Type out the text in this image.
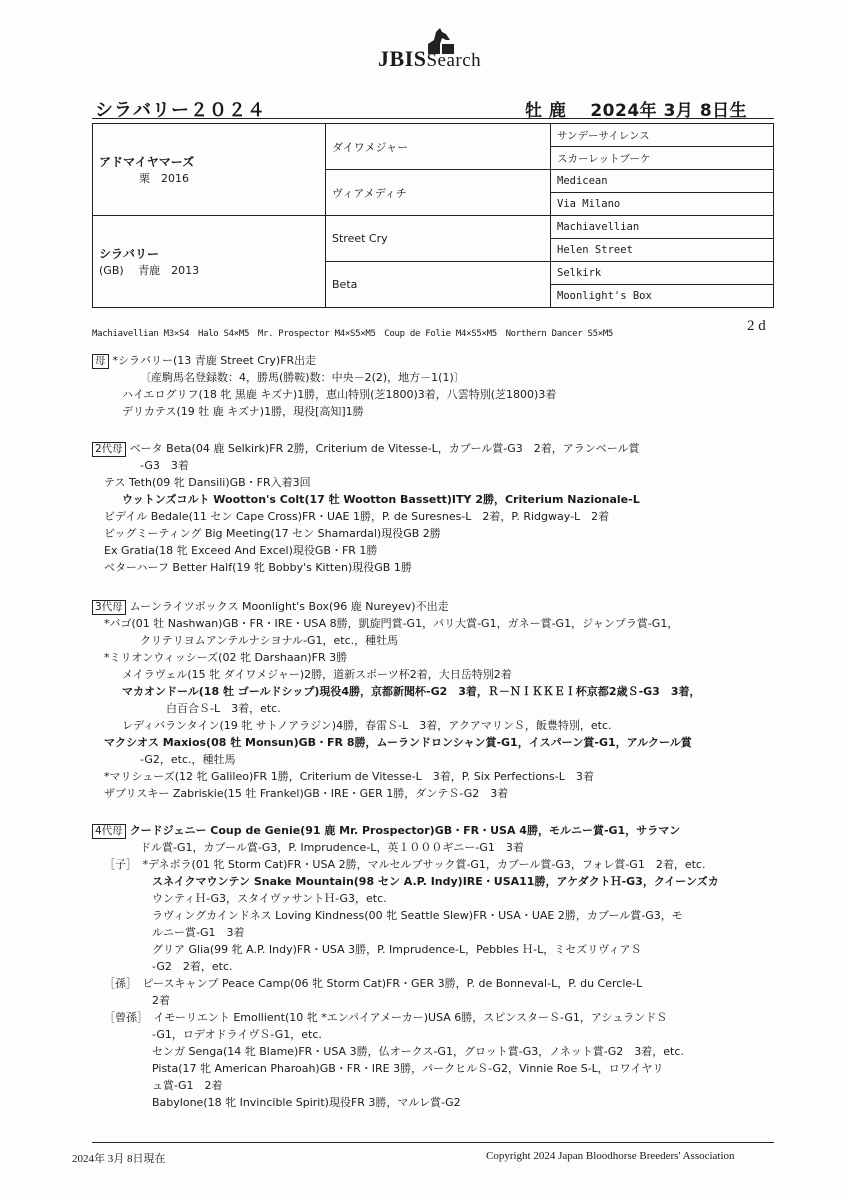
JBISSearch
シラバリー２０２４	牡 鹿　 2024年 3月 8日生
アドマイヤマーズ
栗　2016	ダイワメジャー	サンデーサイレンス
		スカーレットブーケ
	ヴィアメディチ	Medicean
		Via Milano

シラバリー
(GB)　 青鹿　2013	Street Cry	Machiavellian
		Helen Street
	Beta	Selkirk
		Moonlight's Box
2 d
Machiavellian M3×S4　Halo S4×M5　Mr. Prospector M4×S5×M5　Coup de Folie M4×S5×M5　Northern Dancer S5×M5
母 *シラバリー(13 青鹿 Street Cry)FR出走
〔産駒馬名登録数：4，勝馬(勝鞍)数：中央－2(2)，地方－1(1)〕
ハイエログリフ(18 牝 黒鹿 キズナ)1勝，恵山特別(芝1800)3着，八雲特別(芝1800)3着
デリカテス(19 牡 鹿 キズナ)1勝，現役[高知]1勝
2代母 ベータ Beta(04 鹿 Selkirk)FR 2勝，Criterium de Vitesse-L，カブール賞-G3　2着，アランベール賞
-G3　3着
テス Teth(09 牝 Dansili)GB・FR入着3回
ウットンズコルト Wootton's Colt(17 牡 Wootton Bassett)ITY 2勝，Criterium Nazionale-L
ビデイル Bedale(11 セン Cape Cross)FR・UAE 1勝，P. de Suresnes-L　2着，P. Ridgway-L　2着
ビッグミーティング Big Meeting(17 セン Shamardal)現役GB 2勝
Ex Gratia(18 牝 Exceed And Excel)現役GB・FR 1勝
ベターハーフ Better Half(19 牝 Bobby's Kitten)現役GB 1勝
3代母 ムーンライツボックス Moonlight's Box(96 鹿 Nureyev)不出走
*バゴ(01 牡 Nashwan)GB・FR・IRE・USA 8勝，凱旋門賞-G1，パリ大賞-G1，ガネー賞-G1，ジャンプラ賞-G1，
クリテリヨムアンテルナシヨナル-G1，etc.，種牡馬
*ミリオンウィッシーズ(02 牝 Darshaan)FR 3勝
メイラヴェル(15 牝 ダイワメジャー)2勝，道新スポーツ杯2着，大日岳特別2着
マカオンドール(18 牡 ゴールドシップ)現役4勝，京都新聞杯-G2　3着，Ｒ－ＮＩＫＫＥＩ杯京都2歳Ｓ-G3　3着，
白百合Ｓ-L　3着，etc.
レディバランタイン(19 牝 サトノアラジン)4勝，春雷Ｓ-L　3着，アクアマリンＳ，飯豊特別，etc.
マクシオス Maxios(08 牡 Monsun)GB・FR 8勝，ムーランドロンシャン賞-G1，イスパーン賞-G1，アルクール賞
-G2，etc.，種牡馬
*マリシューズ(12 牝 Galileo)FR 1勝，Criterium de Vitesse-L　3着，P. Six Perfections-L　3着
ザブリスキー Zabriskie(15 牡 Frankel)GB・IRE・GER 1勝，ダンテＳ-G2　3着
4代母 クードジェニー Coup de Genie(91 鹿 Mr. Prospector)GB・FR・USA 4勝，モルニー賞-G1，サラマン
ドル賞-G1，カブール賞-G3，P. Imprudence-L，英１０００ギニー-G1　3着
［子］　*デネボラ(01 牝 Storm Cat)FR・USA 2勝，マルセルブサック賞-G1，カブール賞-G3，フォレ賞-G1　2着，etc.
スネイクマウンテン Snake Mountain(98 セン A.P. Indy)IRE・USA11勝，アケダクトＨ-G3，クイーンズカ
ウンティＨ-G3，スタイヴァサントＨ-G3，etc.
ラヴィングカインドネス Loving Kindness(00 牝 Seattle Slew)FR・USA・UAE 2勝，カブール賞-G3，モ
ルニー賞-G1　3着
グリア Glia(99 牝 A.P. Indy)FR・USA 3勝，P. Imprudence-L，Pebbles Ｈ-L，ミセズリヴィアＳ
-G2　2着，etc.
［孫］　ピースキャンプ Peace Camp(06 牝 Storm Cat)FR・GER 3勝，P. de Bonneval-L，P. du Cercle-L
2着
［曾孫］　イモーリエント Emollient(10 牝 *エンパイアメーカー)USA 6勝，スピンスターＳ-G1，アシュランドＳ
-G1，ロデオドライヴＳ-G1，etc.
センガ Senga(14 牝 Blame)FR・USA 3勝，仏オークス-G1，グロット賞-G3，ノネット賞-G2　3着，etc.
Pista(17 牝 American Pharoah)GB・FR・IRE 3勝，パークヒルＳ-G2，Vinnie Roe S-L，ロワイヤリ
ュ賞-G1　2着
Babylone(18 牝 Invincible Spirit)現役FR 3勝，マルレ賞-G2
2024年 3月 8日現在	Copyright 2024 Japan Bloodhorse Breeders' Association
